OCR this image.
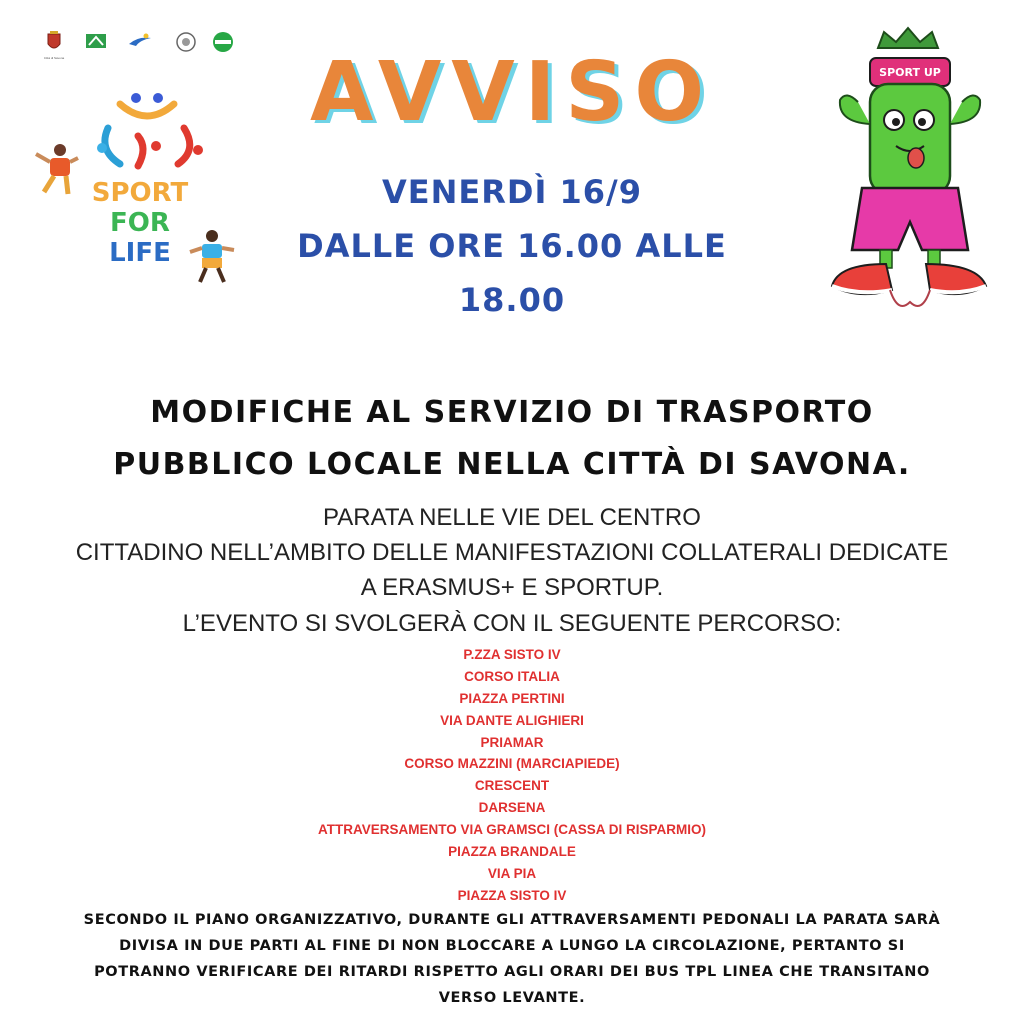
Città di Savona
SPORT
FOR
LIFE
AVVISO
VENERDÌ 16/9
DALLE ORE 16.00 ALLE
18.00
SPORT UP
MODIFICHE AL SERVIZIO DI TRASPORTO
PUBBLICO LOCALE NELLA CITTÀ DI SAVONA.
PARATA NELLE VIE DEL CENTRO
CITTADINO NELL’AMBITO DELLE MANIFESTAZIONI COLLATERALI DEDICATE
A ERASMUS+ E SPORTUP.
L’EVENTO SI SVOLGERÀ CON IL SEGUENTE PERCORSO:
P.ZZA SISTO IV
CORSO ITALIA
PIAZZA PERTINI
VIA DANTE ALIGHIERI
PRIAMAR
CORSO MAZZINI (MARCIAPIEDE)
CRESCENT
DARSENA
ATTRAVERSAMENTO VIA GRAMSCI (CASSA DI RISPARMIO)
PIAZZA BRANDALE
VIA PIA
PIAZZA SISTO IV
SECONDO IL PIANO ORGANIZZATIVO, DURANTE GLI ATTRAVERSAMENTI PEDONALI LA PARATA SARÀ
DIVISA IN DUE PARTI AL FINE DI NON BLOCCARE A LUNGO LA CIRCOLAZIONE, PERTANTO SI
POTRANNO VERIFICARE DEI RITARDI RISPETTO AGLI ORARI DEI BUS TPL LINEA CHE TRANSITANO
VERSO LEVANTE.
